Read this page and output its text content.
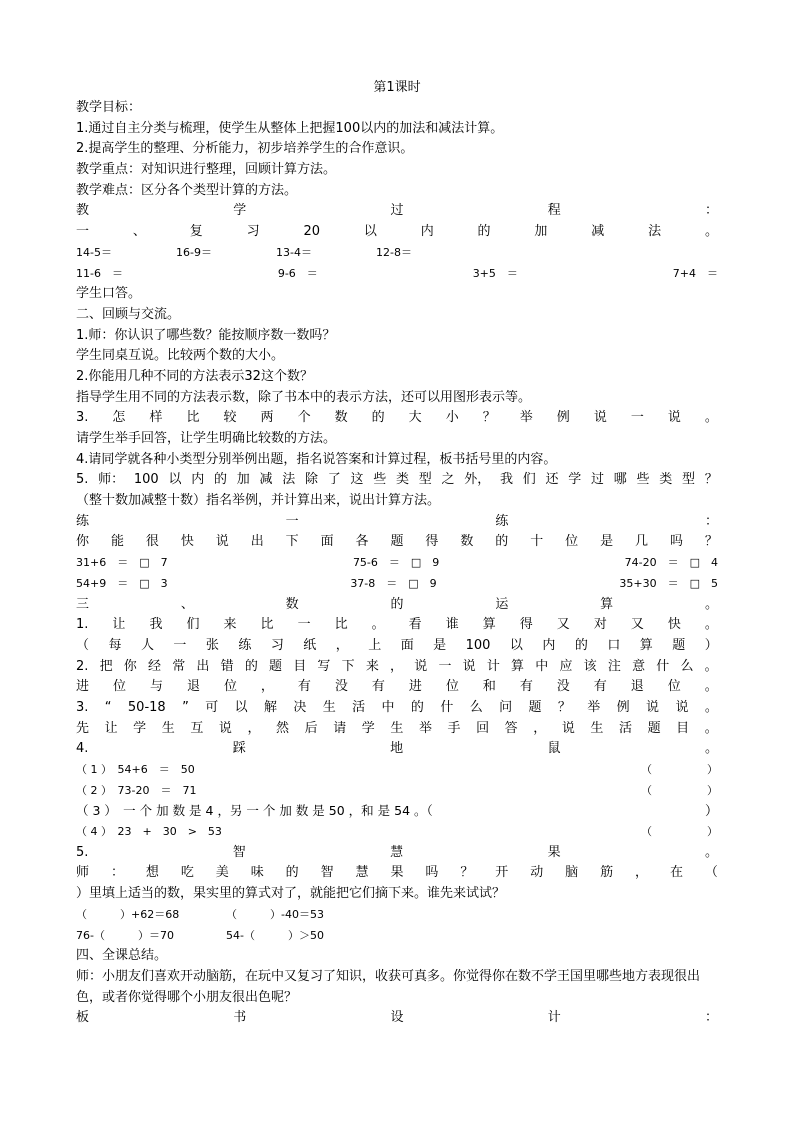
第1课时
教学目标：
1.通过自主分类与梳理，使学生从整体上把握100以内的加法和减法计算。
2.提高学生的整理、分析能力，初步培养学生的合作意识。
教学重点：对知识进行整理，回顾计算方法。
教学难点：区分各个类型计算的方法。
教	学	过	程	：
一	、	复	习	20	以	内	的	加	减	法	。
14-5＝	16-9＝	13-4＝	12-8＝
11-6　＝	9-6　＝	3+5　＝	7+4　＝
学生口答。
二、回顾与交流。
1.师：你认识了哪些数？能按顺序数一数吗？
学生同桌互说。比较两个数的大小。
2.你能用几种不同的方法表示32这个数？
指导学生用不同的方法表示数，除了书本中的表示方法，还可以用图形表示等。
3. 怎 样 比 较 两 个 数 的 大 小 ？ 举 例 说 一 说 。
请学生举手回答，让学生明确比较数的方法。
4.请同学就各种小类型分别举例出题，指名说答案和计算过程，板书括号里的内容。
5. 师： 100 以 内 的 加 减 法 除 了 这 些 类 型 之 外， 我 们 还 学 过 哪 些 类 型 ？
（整十数加减整十数）指名举例，并计算出来，说出计算方法。
练	一	练	：
你 能 很 快 说 出 下 面 各 题 得 数 的 十 位 是 几 吗 ？
31+6　＝　□　7	75-6　＝　□　9	74-20　＝　□　4
54+9　＝　□　3	37-8　＝　□　9	35+30　＝　□　5
三	、	数	的	运	算	。
1. 让 我 们 来 比 一 比 。 看 谁 算 得 又 对 又 快 。
（ 每 人 一 张 练 习 纸 ， 上 面 是 100 以 内 的 口 算 题 ）
2. 把 你 经 常 出 错 的 题 目 写 下 来 ， 说 一 说 计 算 中 应 该 注 意 什 么 。
进 位 与 退 位 ， 有 没 有 进 位 和 有 没 有 退 位 。
3. “ 50-18 ” 可 以 解 决 生 活 中 的 什 么 问 题 ？ 举 例 说 说 。
先 让 学 生 互 说 ， 然 后 请 学 生 举 手 回 答 ， 说 生 活 题 目 。
4.	踩	地	鼠	。
（ 1 ）　54+6　＝　50	（　　　　　）
（ 2 ）　73-20　＝　71	（　　　　　）
（ 3 ）　一 个 加 数 是 4 ，另 一 个 加 数 是 50 ，和 是 54 。（	）
（ 4 ）　23　+　30　>　53	（　　　　　）
5.	智	慧	果	。
师 ： 想 吃 美 味 的 智 慧 果 吗 ？ 开 动 脑 筋 ， 在 （
）里填上适当的数，果实里的算式对了，就能把它们摘下来。谁先来试试？
（　　　）+62＝68	（　　　）-40＝53
76-（　　　）＝70	54-（　　　）＞50
四、全课总结。
师：小朋友们喜欢开动脑筋，在玩中又复习了知识，收获可真多。你觉得你在数不学王国里哪些地方表现很出色，或者你觉得哪个小朋友很出色呢？
板	书	设	计	：
